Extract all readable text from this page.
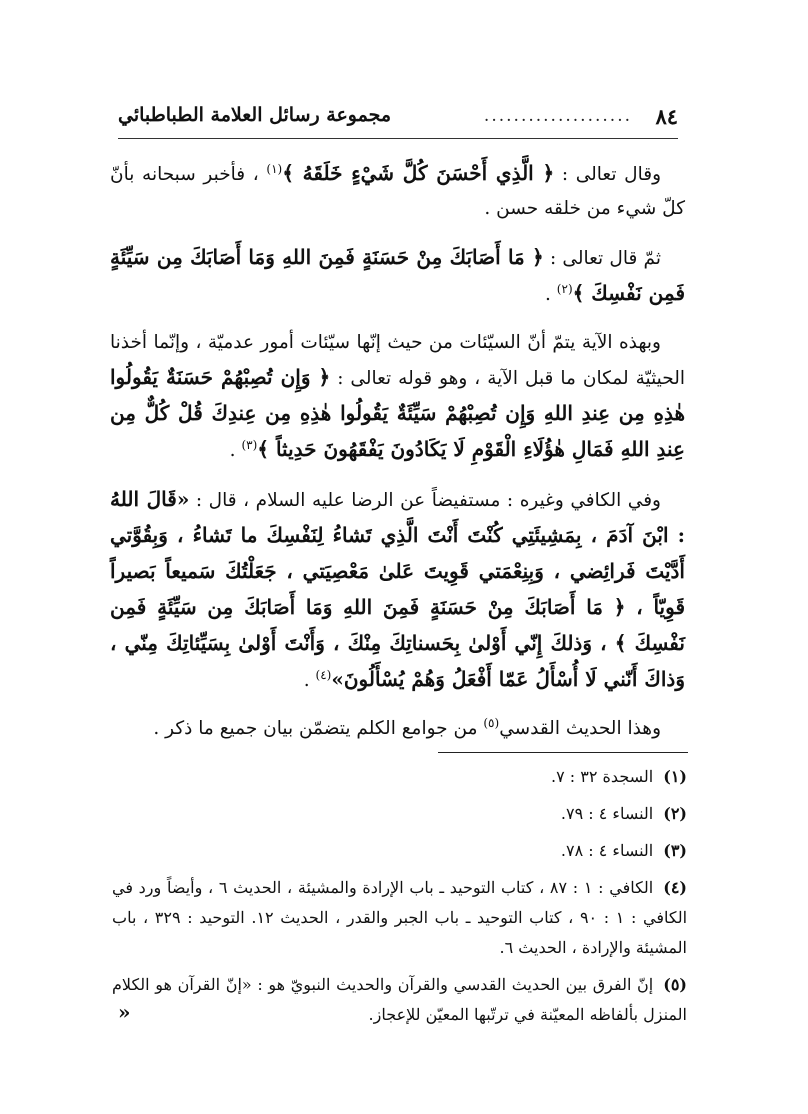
٨٤
....................
مجموعة رسائل العلامة الطباطبائي

وقال تعالى : ﴿ الَّذِي أَحْسَنَ كُلَّ شَيْءٍ خَلَقَهُ ﴾$^{(١)}$ ، فأخبر سبحانه بأنّ كلّ شيء من خلقه حسن .

ثمّ قال تعالى : ﴿ مَا أَصَابَكَ مِنْ حَسَنَةٍ فَمِنَ اللهِ وَمَا أَصَابَكَ مِن سَيِّئَةٍ فَمِن نَفْسِكَ ﴾$^{(٢)}$ .

وبهذه الآية يتمّ أنّ السيّئات من حيث إنّها سيّئات أمور عدميّة ، وإنّما أخذنا الحيثيّة لمكان ما قبل الآية ، وهو قوله تعالى : ﴿ وَإِن تُصِبْهُمْ حَسَنَةٌ يَقُولُوا هٰذِهِ مِن عِندِ اللهِ وَإِن تُصِبْهُمْ سَيِّئَةٌ يَقُولُوا هٰذِهِ مِن عِندِكَ قُلْ كُلٌّ مِن عِندِ اللهِ فَمَالِ هٰؤُلَاءِ الْقَوْمِ لَا يَكَادُونَ يَفْقَهُونَ حَدِيثاً ﴾$^{(٣)}$ .

وفي الكافي وغيره : مستفيضاً عن الرضا عليه السلام ، قال : «قَالَ اللهُ : ابْنَ آدَمَ ، بِمَشِيئَتِي كُنْتَ أَنْتَ الَّذِي تَشاءُ لِنَفْسِكَ ما تَشاءُ ، وَبِقُوَّتي أَدَّيْتَ فَرائِضي ، وَبِنِعْمَتي قَوِيتَ عَلىٰ مَعْصِيَتي ، جَعَلْتُكَ سَميعاً بَصيراً قَوِيّاً ، ﴿ مَا أَصَابَكَ مِنْ حَسَنَةٍ فَمِنَ اللهِ وَمَا أَصَابَكَ مِن سَيِّئَةٍ فَمِن نَفْسِكَ ﴾ ، وَذلكَ إِنّي أَوْلىٰ بِحَسناتِكَ مِنْكَ ، وَأَنْتَ أَوْلىٰ بِسَيِّئاتِكَ مِنّي ، وَذاكَ أَنّني لَا أُسْأَلُ عَمّا أَفْعَلُ وَهُمْ يُسْأَلُونَ»$^{(٤)}$ .

وهذا الحديث القدسي$^{(٥)}$ من جوامع الكلم يتضمّن بيان جميع ما ذكر .

(١)السجدة ٣٢ : ٧.
(٢)النساء ٤ : ٧٩.
(٣)النساء ٤ : ٧٨.
(٤)الكافي : ١ : ٨٧ ، كتاب التوحيد ـ باب الإرادة والمشيئة ، الحديث ٦ ، وأيضاً ورد في الكافي : ١ : ٩٠ ، كتاب التوحيد ـ باب الجبر والقدر ، الحديث ١٢. التوحيد : ٣٢٩ ، باب المشيئة والإرادة ، الحديث ٦.
(٥)إنّ الفرق بين الحديث القدسي والقرآن والحديث النبويّ هو : «إنّ القرآن هو الكلام المنزل بألفاظه المعيّنة في ترتّبها المعيّن للإعجاز.
»
